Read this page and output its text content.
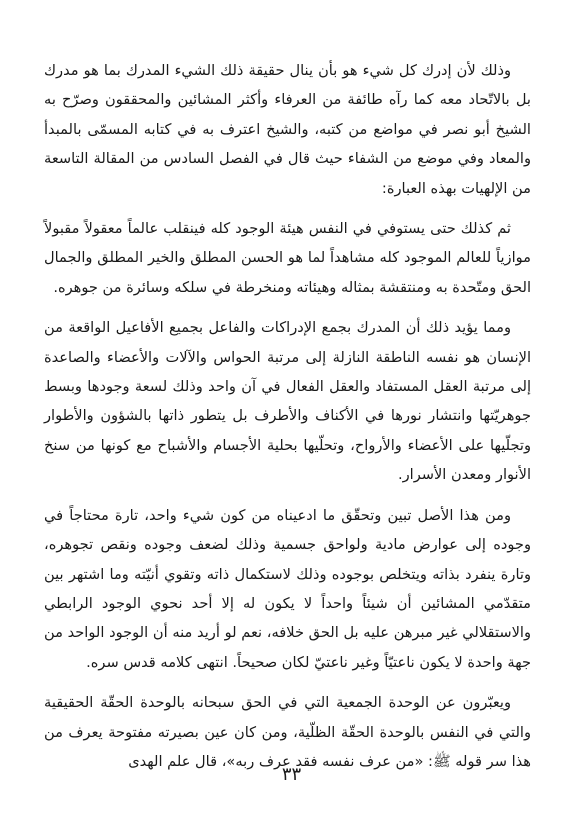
وذلك لأن إدرك كل شيء هو بأن ينال حقيقة ذلك الشيء المدرك بما هو مدرك بل بالاتّحاد معه كما رآه طائفة من العرفاء وأكثر المشائين والمحققون وصرّح به الشيخ أبو نصر في مواضع من كتبه، والشيخ اعترف به في كتابه المسمّى بالمبدأ والمعاد وفي موضع من الشفاء حيث قال في الفصل السادس من المقالة التاسعة من الإلهيات بهذه العبارة:

ثم كذلك حتى يستوفي في النفس هيئة الوجود كله فينقلب عالماً معقولاً مقبولاً موازياً للعالم الموجود كله مشاهداً لما هو الحسن المطلق والخير المطلق والجمال الحق ومتّحدة به ومنتقشة بمثاله وهيئاته ومنخرطة في سلكه وسائرة من جوهره.

ومما يؤيد ذلك أن المدرك بجمع الإدراكات والفاعل بجميع الأفاعيل الواقعة من الإنسان هو نفسه الناطقة النازلة إلى مرتبة الحواس والآلات والأعضاء والصاعدة إلى مرتبة العقل المستفاد والعقل الفعال في آن واحد وذلك لسعة وجودها وبسط جوهريّتها وانتشار نورها في الأكناف والأطرف بل يتطور ذاتها بالشؤون والأطوار وتجلّيها على الأعضاء والأرواح، وتحلّيها بحلية الأجسام والأشباح مع كونها من سنخ الأنوار ومعدن الأسرار.

ومن هذا الأصل تبين وتحقّق ما ادعيناه من كون شيء واحد، تارة محتاجاً في وجوده إلى عوارض مادية ولواحق جسمية وذلك لضعف وجوده ونقص تجوهره، وتارة ينفرد بذاته ويتخلص بوجوده وذلك لاستكمال ذاته وتقوي أنيّته وما اشتهر بين متقدّمي المشائين أن شيئاً واحداً لا يكون له إلا أحد نحوي الوجود الرابطي والاستقلالي غير مبرهن عليه بل الحق خلافه، نعم لو أريد منه أن الوجود الواحد من جهة واحدة لا يكون ناعتيّاً وغير ناعتيّ لكان صحيحاً. انتهى كلامه قدس سره.

ويعبّرون عن الوحدة الجمعية التي في الحق سبحانه بالوحدة الحقّة الحقيقية والتي في النفس بالوحدة الحقّة الظلّية، ومن كان عين بصيرته مفتوحة يعرف من هذا سر قوله ﷺ: «من عرف نفسه فقد عرف ربه»، قال علم الهدى

٣٣
